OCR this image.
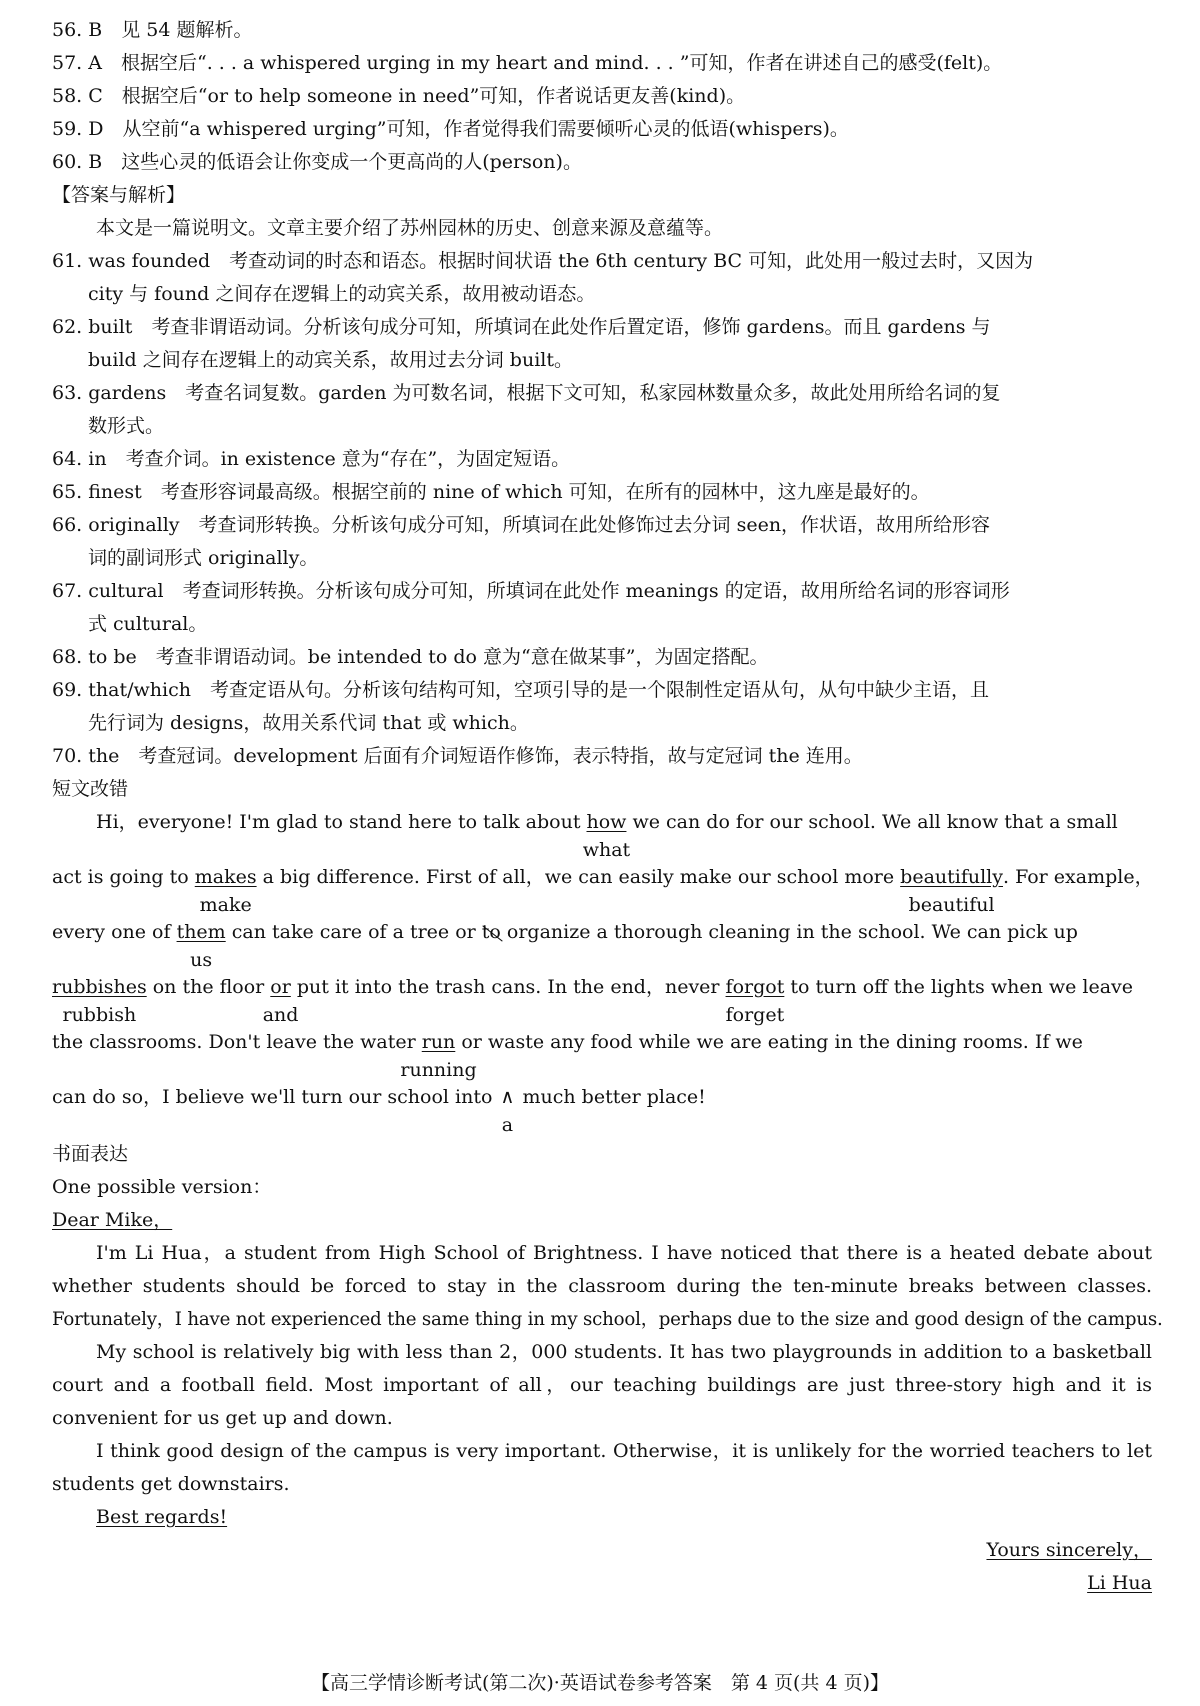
56. B　见 54 题解析。
57. A　根据空后“. . . a whispered urging in my heart and mind. . . ”可知，作者在讲述自己的感受(felt)。
58. C　根据空后“or to help someone in need”可知，作者说话更友善(kind)。
59. D　从空前“a whispered urging”可知，作者觉得我们需要倾听心灵的低语(whispers)。
60. B　这些心灵的低语会让你变成一个更高尚的人(person)。
【答案与解析】
本文是一篇说明文。文章主要介绍了苏州园林的历史、创意来源及意蕴等。
61. was founded　考查动词的时态和语态。根据时间状语 the 6th century BC 可知，此处用一般过去时，又因为
city 与 found 之间存在逻辑上的动宾关系，故用被动语态。
62. built　考查非谓语动词。分析该句成分可知，所填词在此处作后置定语，修饰 gardens。而且 gardens 与
build 之间存在逻辑上的动宾关系，故用过去分词 built。
63. gardens　考查名词复数。garden 为可数名词，根据下文可知，私家园林数量众多，故此处用所给名词的复
数形式。
64. in　考查介词。in existence 意为“存在”，为固定短语。
65. finest　考查形容词最高级。根据空前的 nine of which 可知，在所有的园林中，这九座是最好的。
66. originally　考查词形转换。分析该句成分可知，所填词在此处修饰过去分词 seen，作状语，故用所给形容
词的副词形式 originally。
67. cultural　考查词形转换。分析该句成分可知，所填词在此处作 meanings 的定语，故用所给名词的形容词形
式 cultural。
68. to be　考查非谓语动词。be intended to do 意为“意在做某事”，为固定搭配。
69. that/which　考查定语从句。分析该句结构可知，空项引导的是一个限制性定语从句，从句中缺少主语，且
先行词为 designs，故用关系代词 that 或 which。
70. the　考查冠词。development 后面有介词短语作修饰，表示特指，故与定冠词 the 连用。
短文改错
Hi，everyone! I'm glad to stand here to talk about how
what
we can do for our school. We all know that a small
act is going to makes
make
a big difference. First of all，we can easily make our school more beautifully
beautiful
. For example，
every one of them
us
can take care of a tree or to organize a thorough cleaning in the school. We can pick up
rubbishes
rubbish
on the floor or
and
put it into the trash cans. In the end，never forgot
forget
to turn off the lights when we leave
the classrooms. Don't leave the water run
running
or waste any food while we are eating in the dining rooms. If we
can do so，I believe we'll turn our school into ∧
a
much better place!
书面表达
One possible version：
Dear Mike，
I'm Li Hua，a student from High School of Brightness. I have noticed that there is a heated debate about
whether students should be forced to stay in the classroom during the ten-minute breaks between classes.
Fortunately，I have not experienced the same thing in my school，perhaps due to the size and good design of the campus.
My school is relatively big with less than 2，000 students. It has two playgrounds in addition to a basketball
court and a football field. Most important of all，our teaching buildings are just three-story high and it is
convenient for us get up and down.
I think good design of the campus is very important. Otherwise，it is unlikely for the worried teachers to let
students get downstairs.
Best regards!
Yours sincerely，
Li Hua
【高三学情诊断考试(第二次)·英语试卷参考答案　第 4 页(共 4 页)】
